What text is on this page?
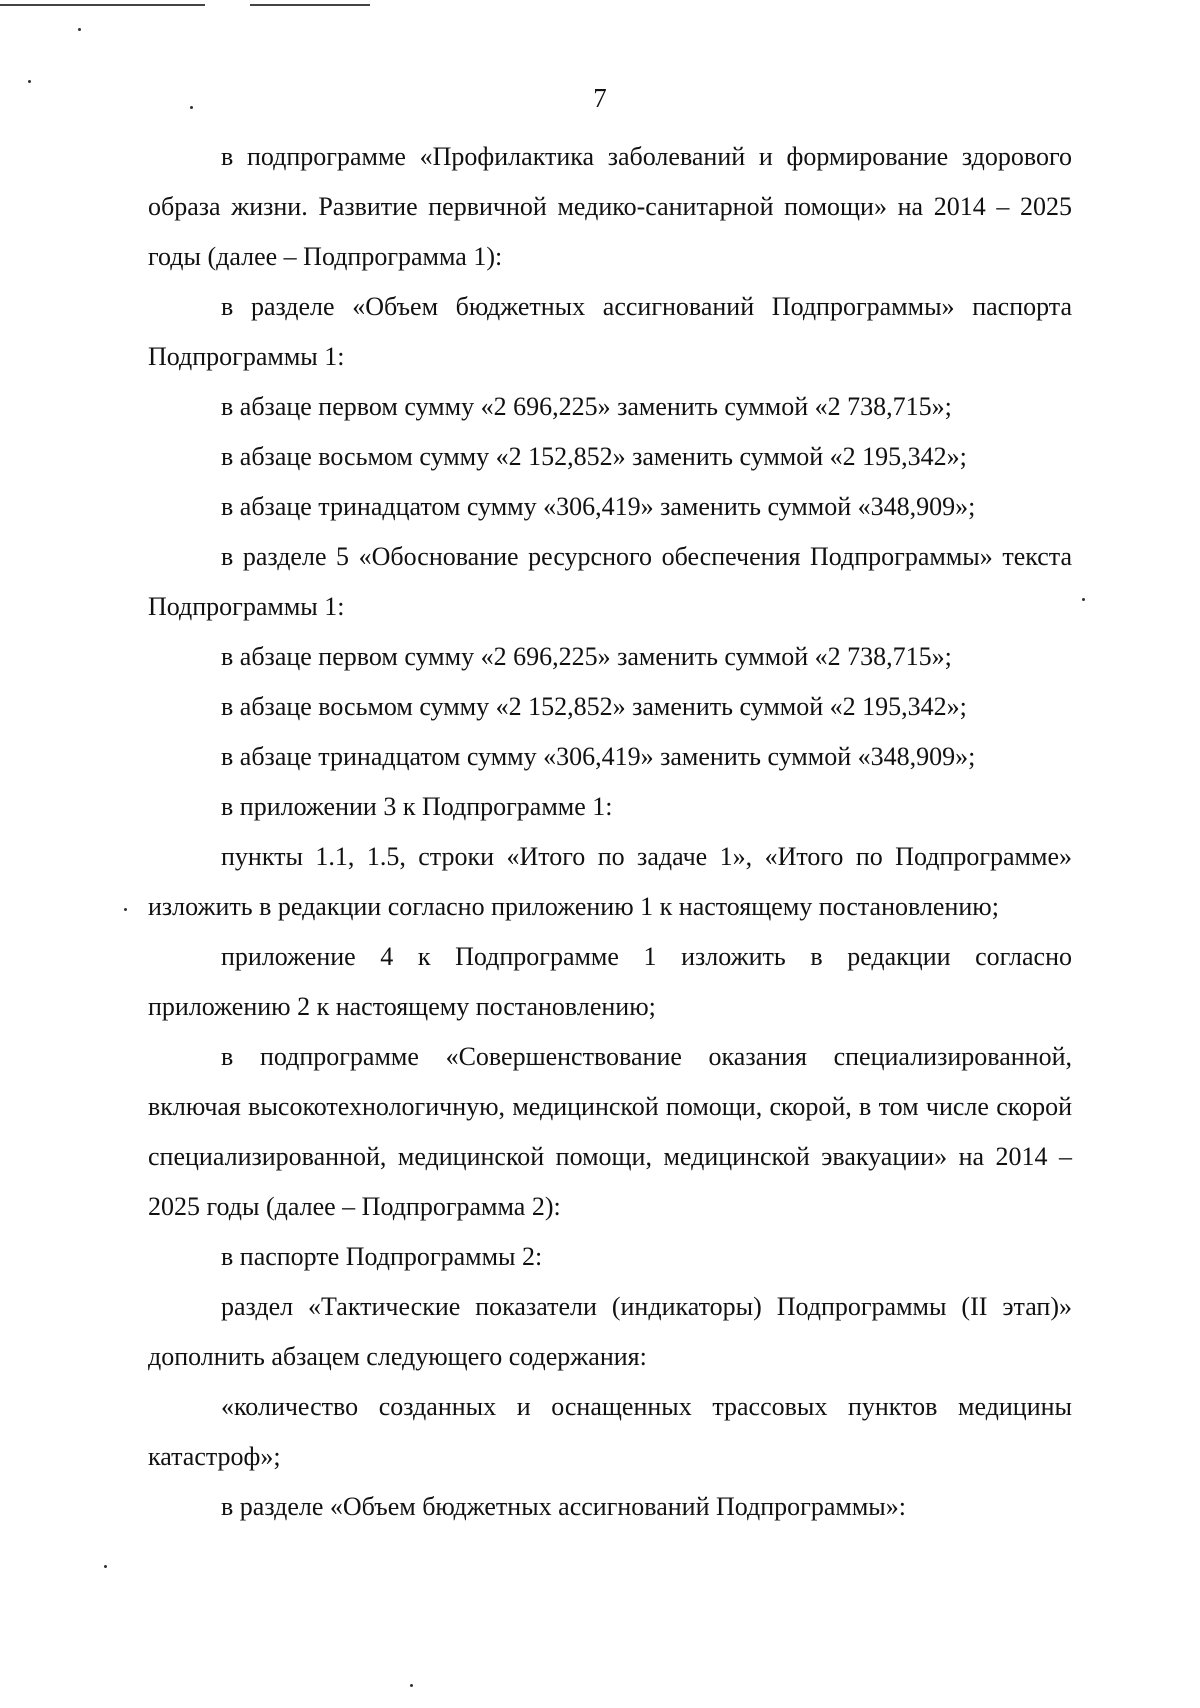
7

в подпрограмме «Профилактика заболеваний и формирование здорового образа жизни. Развитие первичной медико-санитарной помощи» на 2014 – 2025 годы (далее – Подпрограмма 1):

в разделе «Объем бюджетных ассигнований Подпрограммы» паспорта Подпрограммы 1:

в абзаце первом сумму «2 696,225» заменить суммой «2 738,715»;

в абзаце восьмом сумму «2 152,852» заменить суммой «2 195,342»;

в абзаце тринадцатом сумму «306,419» заменить суммой «348,909»;

в разделе 5 «Обоснование ресурсного обеспечения Подпрограммы» текста Подпрограммы 1:

в абзаце первом сумму «2 696,225» заменить суммой «2 738,715»;

в абзаце восьмом сумму «2 152,852» заменить суммой «2 195,342»;

в абзаце тринадцатом сумму «306,419» заменить суммой «348,909»;

в приложении 3 к Подпрограмме 1:

пункты 1.1, 1.5, строки «Итого по задаче 1», «Итого по Подпрограмме» изложить в редакции согласно приложению 1 к настоящему постановлению;

приложение 4 к Подпрограмме 1 изложить в редакции согласно приложению 2 к настоящему постановлению;

в подпрограмме «Совершенствование оказания специализированной, включая высокотехнологичную, медицинской помощи, скорой, в том числе скорой специализированной, медицинской помощи, медицинской эвакуации» на 2014 – 2025 годы (далее – Подпрограмма 2):

в паспорте Подпрограммы 2:

раздел «Тактические показатели (индикаторы) Подпрограммы (II этап)» дополнить абзацем следующего содержания:

«количество созданных и оснащенных трассовых пунктов медицины катастроф»;

в разделе «Объем бюджетных ассигнований Подпрограммы»:
